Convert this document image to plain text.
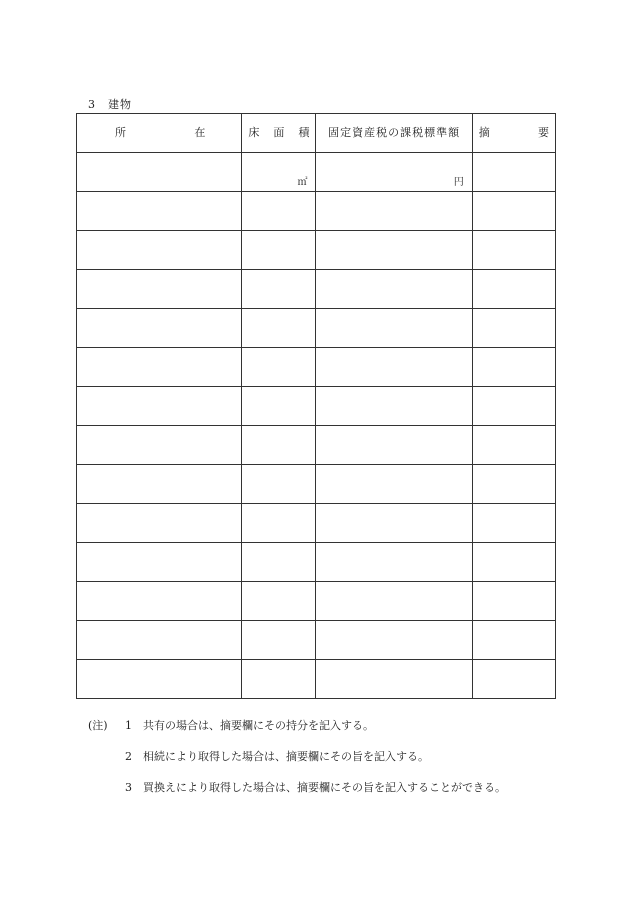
3　建物
所 在	床 面 積	固定資産税の課税標準額	摘 要

	㎡	円	

(注)	1	共有の場合は、摘要欄にその持分を記入する。
2	相続により取得した場合は、摘要欄にその旨を記入する。
3	買換えにより取得した場合は、摘要欄にその旨を記入することができる。
